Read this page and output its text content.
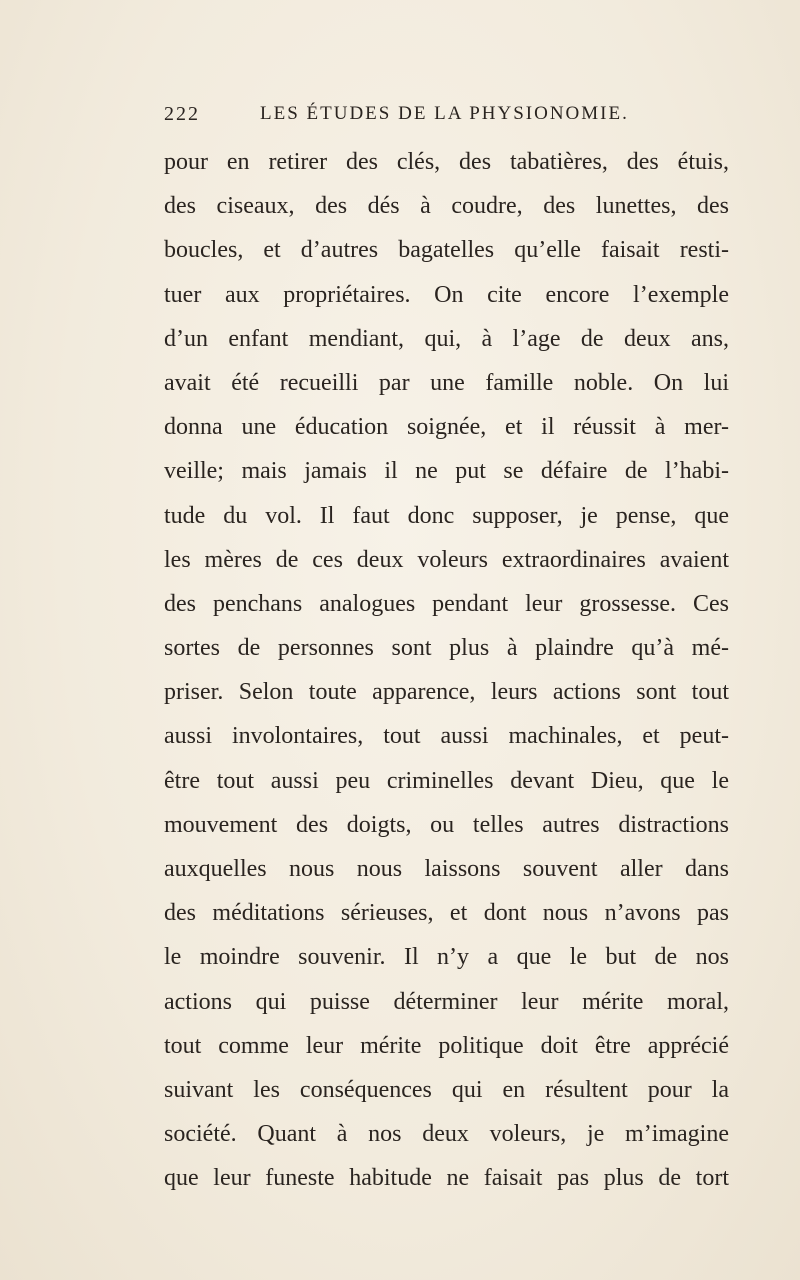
222	LES ÉTUDES DE LA PHYSIONOMIE.
pour en retirer des clés, des tabatières, des étuis,
des ciseaux, des dés à coudre, des lunettes, des
boucles, et d’autres bagatelles qu’elle faisait resti-
tuer aux propriétaires. On cite encore l’exemple
d’un enfant mendiant, qui, à l’age de deux ans,
avait été recueilli par une famille noble. On lui
donna une éducation soignée, et il réussit à mer-
veille; mais jamais il ne put se défaire de l’habi-
tude du vol. Il faut donc supposer, je pense, que
les mères de ces deux voleurs extraordinaires avaient
des penchans analogues pendant leur grossesse. Ces
sortes de personnes sont plus à plaindre qu’à mé-
priser. Selon toute apparence, leurs actions sont tout
aussi involontaires, tout aussi machinales, et peut-
être tout aussi peu criminelles devant Dieu, que le
mouvement des doigts, ou telles autres distractions
auxquelles nous nous laissons souvent aller dans
des méditations sérieuses, et dont nous n’avons pas
le moindre souvenir. Il n’y a que le but de nos
actions qui puisse déterminer leur mérite moral,
tout comme leur mérite politique doit être apprécié
suivant les conséquences qui en résultent pour la
société. Quant à nos deux voleurs, je m’imagine
que leur funeste habitude ne faisait pas plus de tort
